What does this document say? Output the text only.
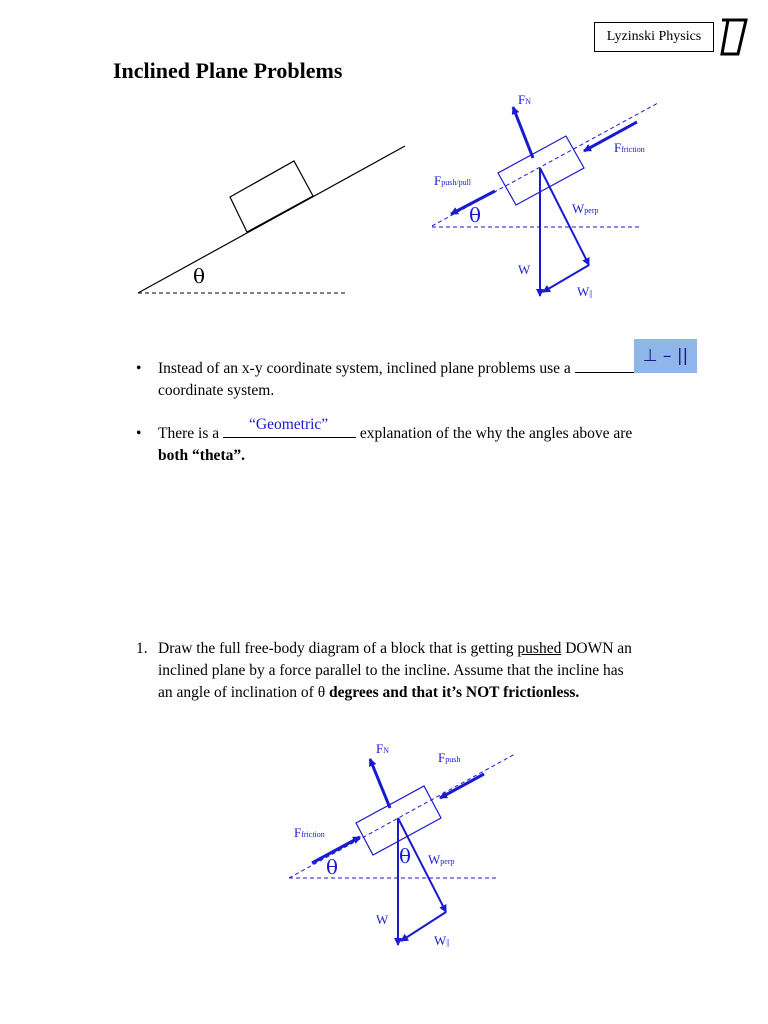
Lyzinski Physics
Inclined Plane Problems
θ
FN
Ffriction
Fpush/pull
θ	Wperp
W
W||
FN	Fpush
Ffriction
θ	θ Wperp
W
W||
• Instead of an x-y coordinate system, inclined plane problems use a
coordinate system.
⊥ – ||
• There is a	explanation of the why the angles above are
both “theta”.
“Geometric”
1. Draw the full free-body diagram of a block that is getting pushed DOWN an
inclined plane by a force parallel to the incline. Assume that the incline has
an angle of inclination of θ degrees and that it’s NOT frictionless.
